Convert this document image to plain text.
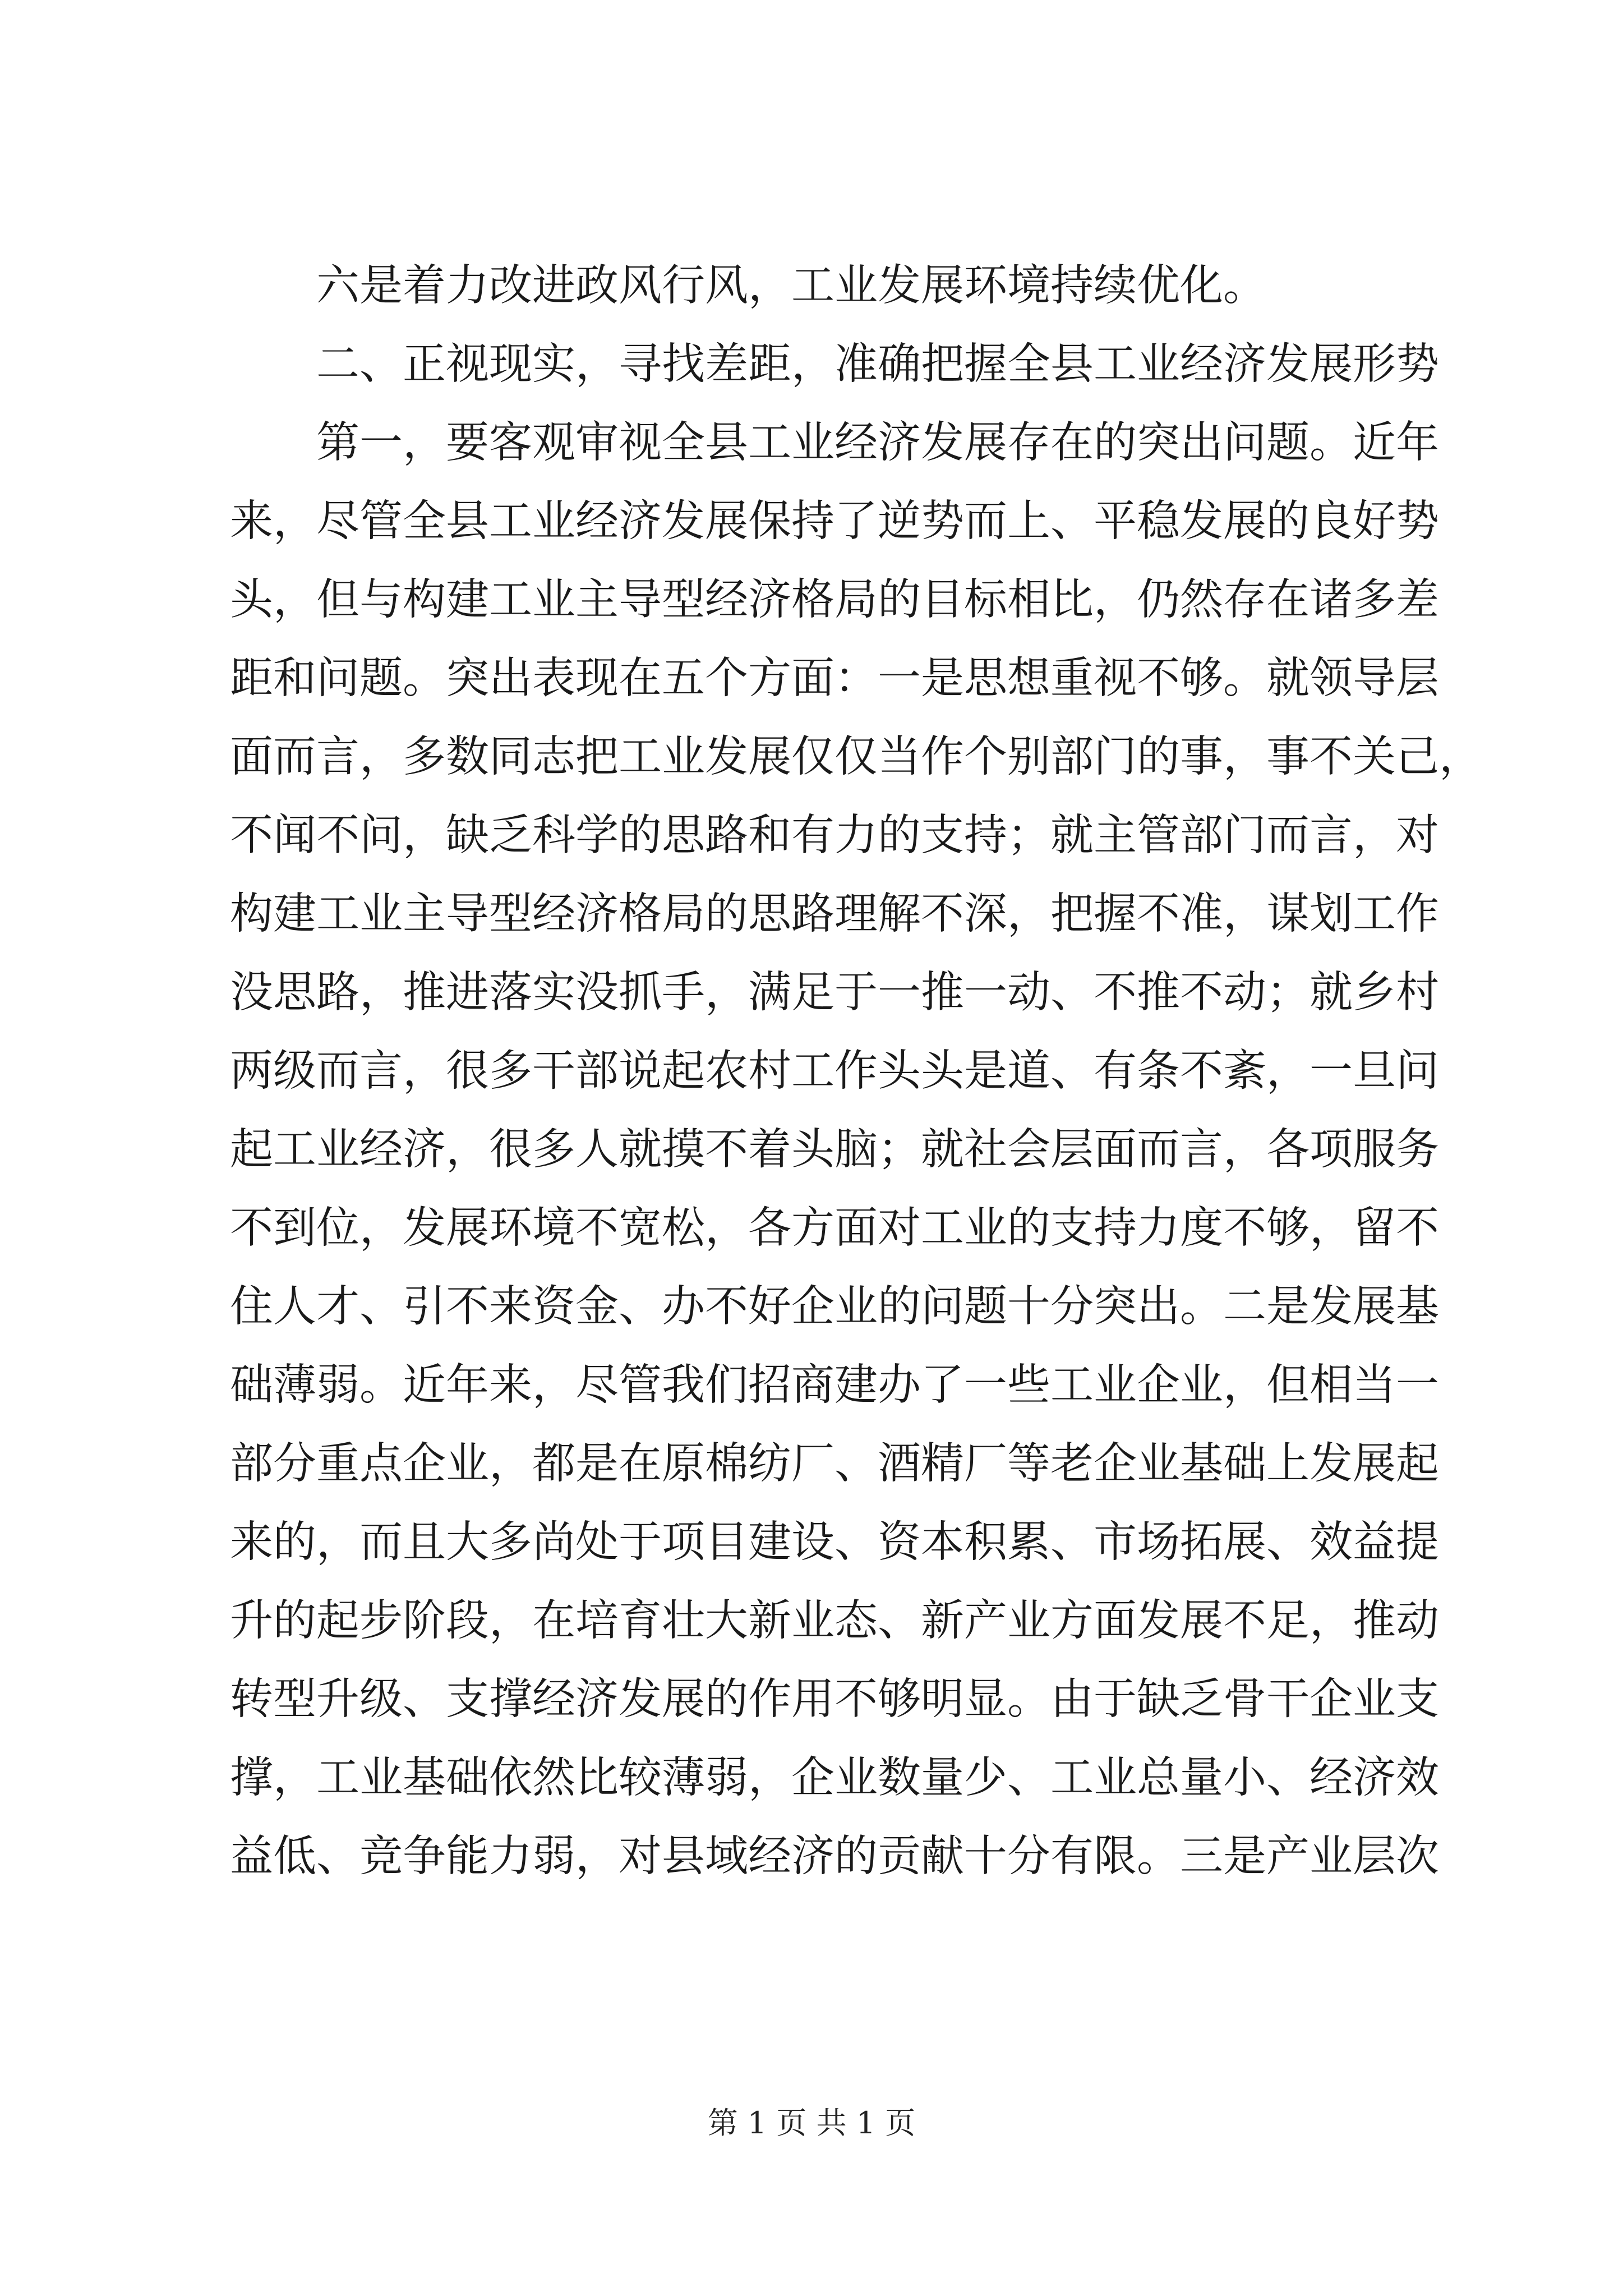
六是着力改进政风行风，工业发展环境持续优化。
二、正视现实，寻找差距，准确把握全县工业经济发展形势
第一，要客观审视全县工业经济发展存在的突出问题。近年
来，尽管全县工业经济发展保持了逆势而上、平稳发展的良好势
头，但与构建工业主导型经济格局的目标相比，仍然存在诸多差
距和问题。突出表现在五个方面：一是思想重视不够。就领导层
面而言，多数同志把工业发展仅仅当作个别部门的事，事不关己，
不闻不问，缺乏科学的思路和有力的支持；就主管部门而言，对
构建工业主导型经济格局的思路理解不深，把握不准，谋划工作
没思路，推进落实没抓手，满足于一推一动、不推不动；就乡村
两级而言，很多干部说起农村工作头头是道、有条不紊，一旦问
起工业经济，很多人就摸不着头脑；就社会层面而言，各项服务
不到位，发展环境不宽松，各方面对工业的支持力度不够，留不
住人才、引不来资金、办不好企业的问题十分突出。二是发展基
础薄弱。近年来，尽管我们招商建办了一些工业企业，但相当一
部分重点企业，都是在原棉纺厂、酒精厂等老企业基础上发展起
来的，而且大多尚处于项目建设、资本积累、市场拓展、效益提
升的起步阶段，在培育壮大新业态、新产业方面发展不足，推动
转型升级、支撑经济发展的作用不够明显。由于缺乏骨干企业支
撑，工业基础依然比较薄弱，企业数量少、工业总量小、经济效
益低、竞争能力弱，对县域经济的贡献十分有限。三是产业层次
第 1 页 共 1 页
